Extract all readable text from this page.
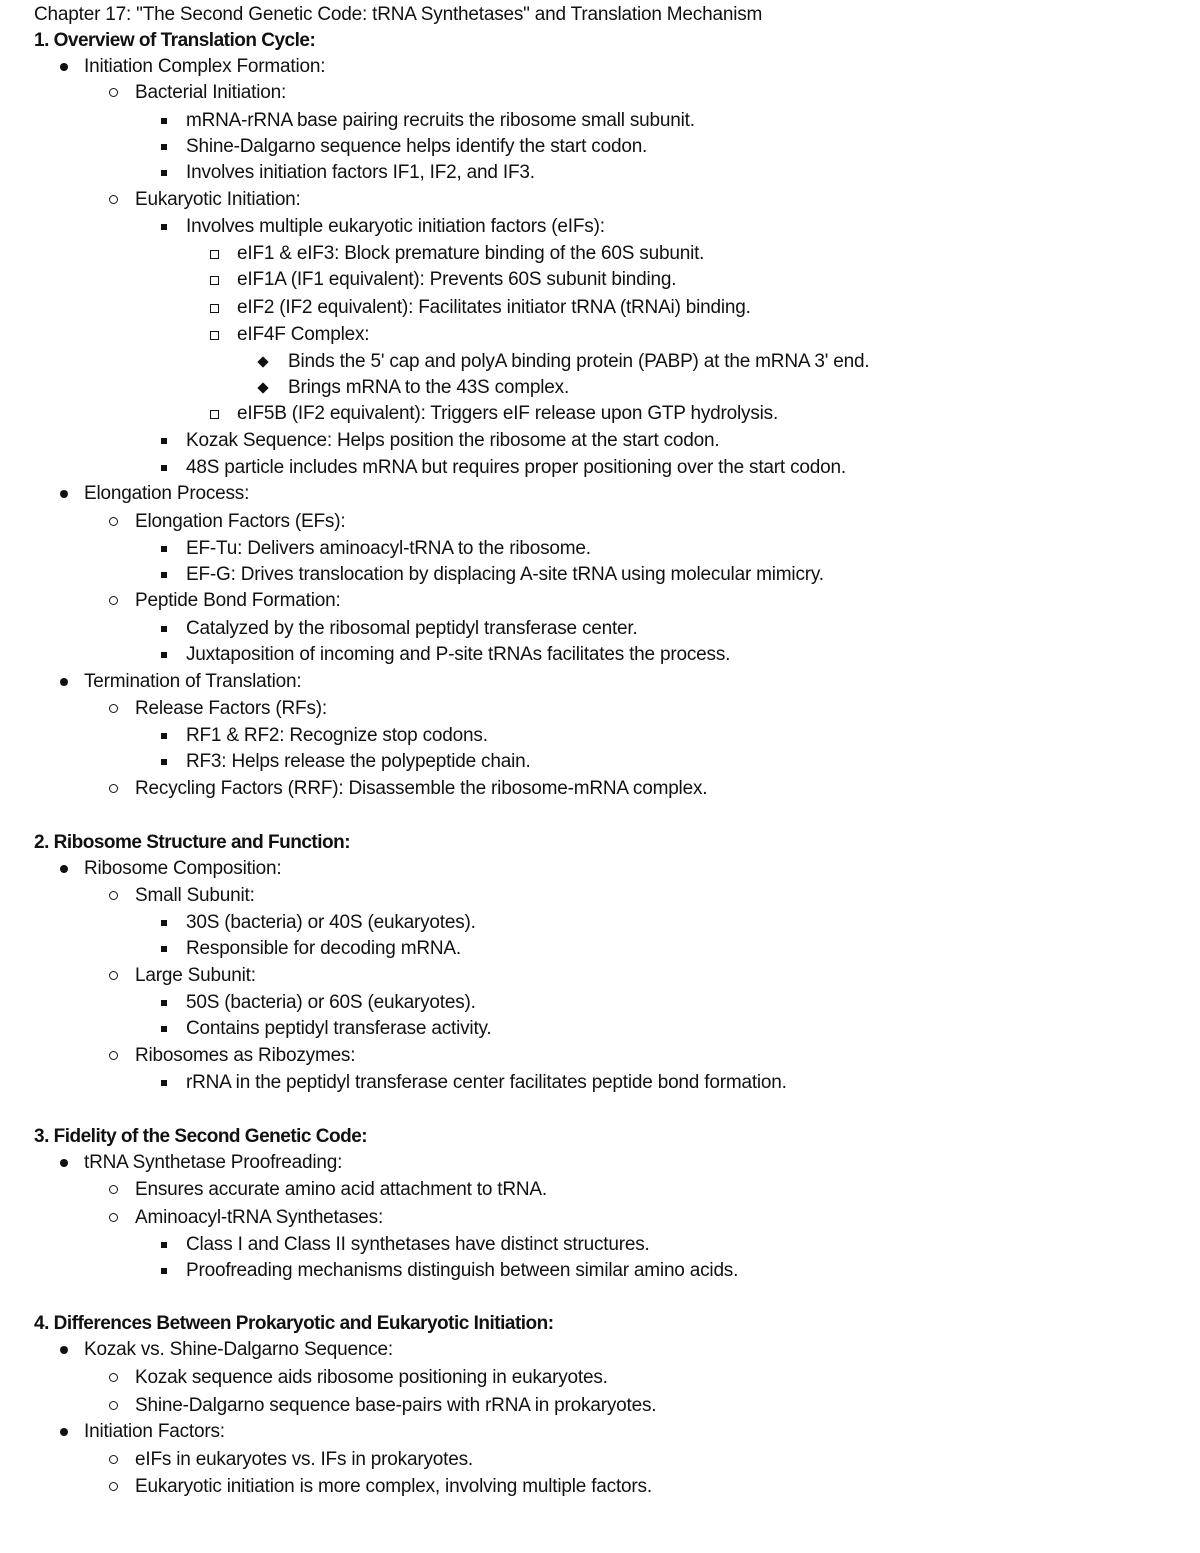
Chapter 17: "The Second Genetic Code: tRNA Synthetases" and Translation Mechanism
1. Overview of Translation Cycle:
Initiation Complex Formation:
Bacterial Initiation:
mRNA-rRNA base pairing recruits the ribosome small subunit.
Shine-Dalgarno sequence helps identify the start codon.
Involves initiation factors IF1, IF2, and IF3.
Eukaryotic Initiation:
Involves multiple eukaryotic initiation factors (eIFs):
eIF1 & eIF3: Block premature binding of the 60S subunit.
eIF1A (IF1 equivalent): Prevents 60S subunit binding.
eIF2 (IF2 equivalent): Facilitates initiator tRNA (tRNAi) binding.
eIF4F Complex:
Binds the 5' cap and polyA binding protein (PABP) at the mRNA 3' end.
Brings mRNA to the 43S complex.
eIF5B (IF2 equivalent): Triggers eIF release upon GTP hydrolysis.
Kozak Sequence: Helps position the ribosome at the start codon.
48S particle includes mRNA but requires proper positioning over the start codon.
Elongation Process:
Elongation Factors (EFs):
EF-Tu: Delivers aminoacyl-tRNA to the ribosome.
EF-G: Drives translocation by displacing A-site tRNA using molecular mimicry.
Peptide Bond Formation:
Catalyzed by the ribosomal peptidyl transferase center.
Juxtaposition of incoming and P-site tRNAs facilitates the process.
Termination of Translation:
Release Factors (RFs):
RF1 & RF2: Recognize stop codons.
RF3: Helps release the polypeptide chain.
Recycling Factors (RRF): Disassemble the ribosome-mRNA complex.
2. Ribosome Structure and Function:
Ribosome Composition:
Small Subunit:
30S (bacteria) or 40S (eukaryotes).
Responsible for decoding mRNA.
Large Subunit:
50S (bacteria) or 60S (eukaryotes).
Contains peptidyl transferase activity.
Ribosomes as Ribozymes:
rRNA in the peptidyl transferase center facilitates peptide bond formation.
3. Fidelity of the Second Genetic Code:
tRNA Synthetase Proofreading:
Ensures accurate amino acid attachment to tRNA.
Aminoacyl-tRNA Synthetases:
Class I and Class II synthetases have distinct structures.
Proofreading mechanisms distinguish between similar amino acids.
4. Differences Between Prokaryotic and Eukaryotic Initiation:
Kozak vs. Shine-Dalgarno Sequence:
Kozak sequence aids ribosome positioning in eukaryotes.
Shine-Dalgarno sequence base-pairs with rRNA in prokaryotes.
Initiation Factors:
eIFs in eukaryotes vs. IFs in prokaryotes.
Eukaryotic initiation is more complex, involving multiple factors.
